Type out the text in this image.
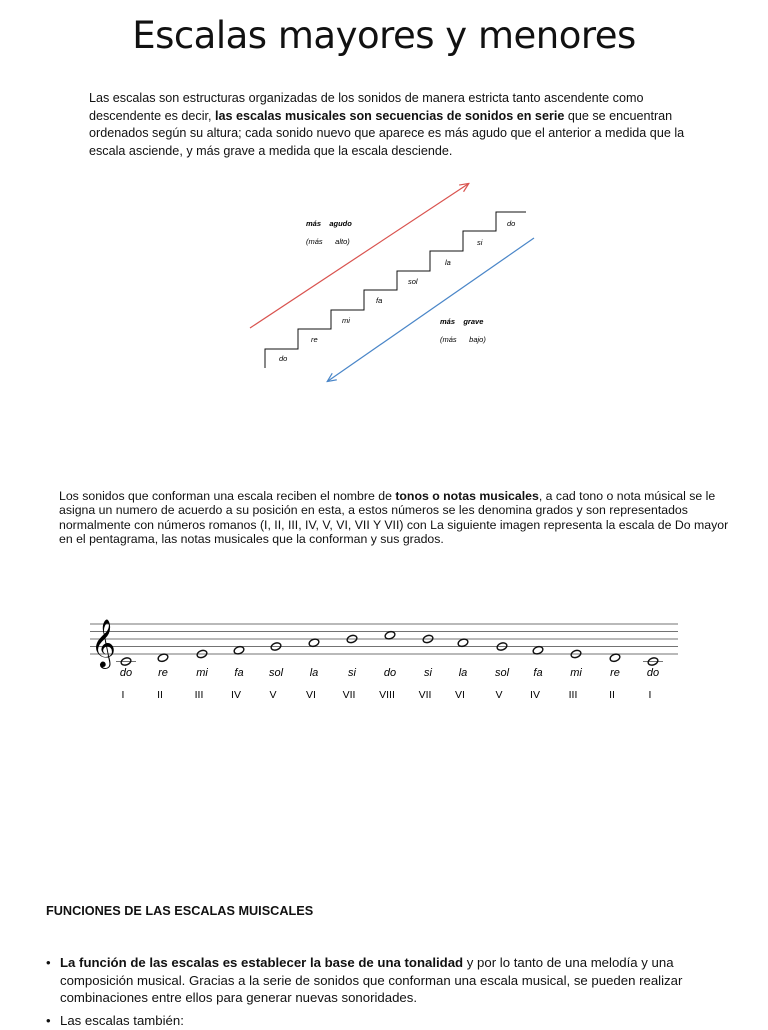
Escalas mayores y menores
Las escalas son estructuras organizadas de los sonidos de manera estricta tanto ascendente como descendente es decir, las escalas musicales son secuencias de sonidos en serie que se encuentran ordenados según su altura; cada sonido nuevo que aparece es más agudo que el anterior a medida que la escala asciende, y más grave a medida que la escala desciende.
do
re
mi
fa
sol
la
si
do
más    agudo
(más      alto)
más    grave
(más      bajo)
Los sonidos que conforman una escala reciben el nombre de tonos o notas musicales, a cad tono o nota músical se le asigna un numero de acuerdo a su posición en esta, a estos números se les denomina grados y son representados normalmente con números romanos (I, II, III, IV, V, VI, VII Y VII) con La siguiente imagen representa la escala de Do mayor en el pentagrama, las notas musicales que la conforman y sus grados.
𝄞
do
I
re
II
mi
III
fa
IV
sol
V
la
VI
si
VII
do
VIII
si
VII
la
VI
sol
V
fa
IV
mi
III
re
II
do
I
FUNCIONES DE LAS ESCALAS MUISCALES
• La función de las escalas es establecer la base de una tonalidad y por lo tanto de una melodía y una composición musical. Gracias a la serie de sonidos que conforman una escala musical, se pueden realizar combinaciones entre ellos para generar nuevas sonoridades.
• Las escalas también:
